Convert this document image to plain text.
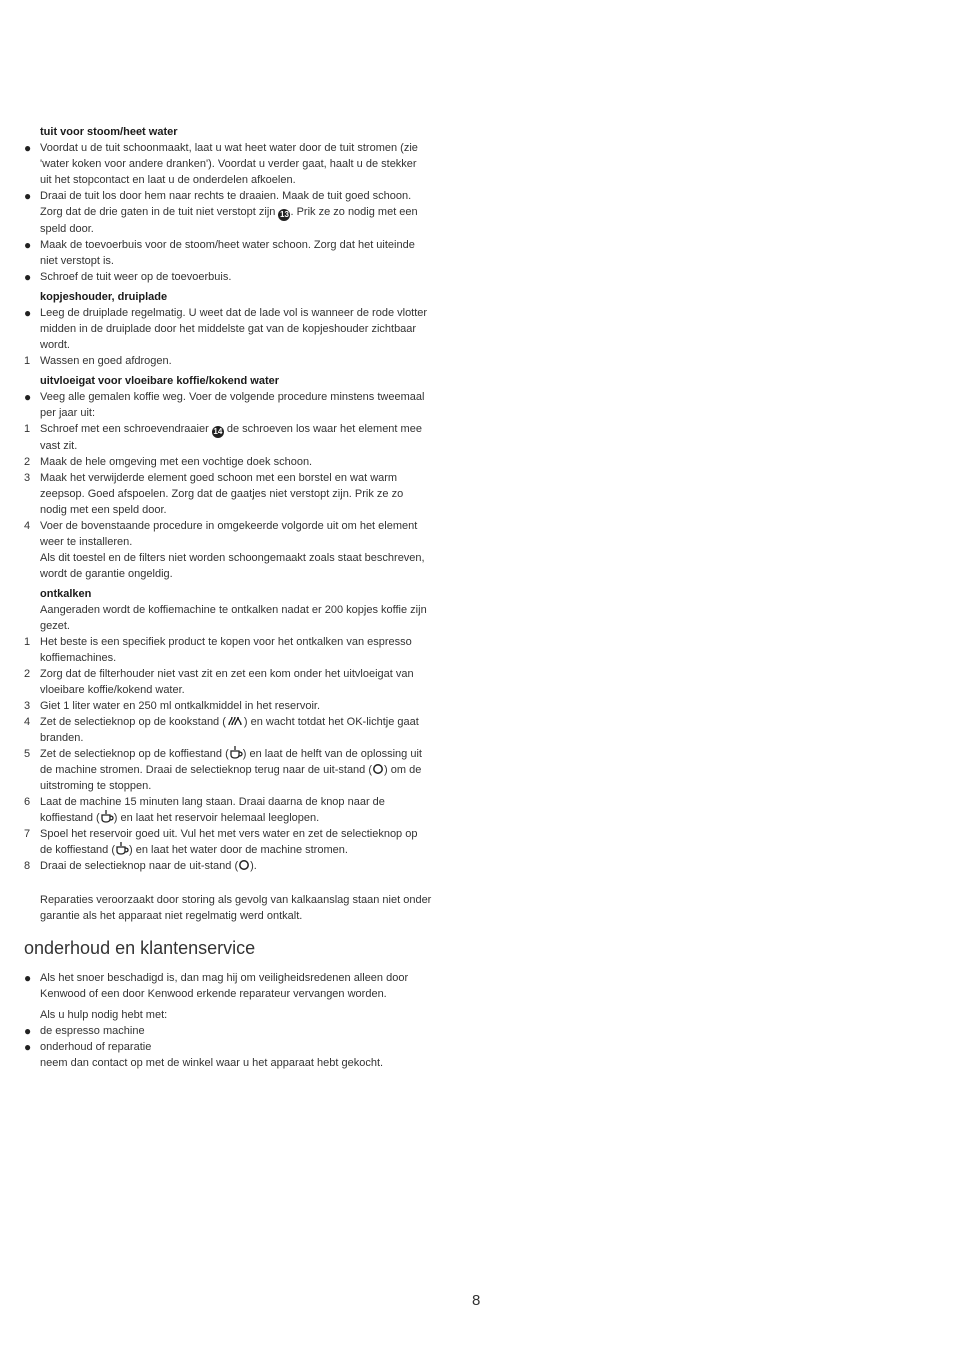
tuit voor stoom/heet water

● Voordat u de tuit schoonmaakt, laat u wat heet water door de tuit stromen (zie
'water koken voor andere dranken'). Voordat u verder gaat, haalt u de stekker
uit het stopcontact en laat u de onderdelen afkoelen.
● Draai de tuit los door hem naar rechts te draaien. Maak de tuit goed schoon.
Zorg dat de drie gaten in de tuit niet verstopt zijn 13 . Prik ze zo nodig met een
speld door.
● Maak de toevoerbuis voor de stoom/heet water schoon. Zorg dat het uiteinde
niet verstopt is.
● Schroef de tuit weer op de toevoerbuis.

kopjeshouder, druiplade

● Leeg de druiplade regelmatig. U weet dat de lade vol is wanneer de rode vlotter
midden in de druiplade door het middelste gat van de kopjeshouder zichtbaar
wordt.
1 Wassen en goed afdrogen.

uitvloeigat voor vloeibare koffie/kokend water

● Veeg alle gemalen koffie weg. Voer de volgende procedure minstens tweemaal
per jaar uit:
1 Schroef met een schroevendraaier 14 de schroeven los waar het element mee
vast zit.
2 Maak de hele omgeving met een vochtige doek schoon.
3 Maak het verwijderde element goed schoon met een borstel en wat warm
zeepsop. Goed afspoelen. Zorg dat de gaatjes niet verstopt zijn. Prik ze zo
nodig met een speld door.
4 Voer de bovenstaande procedure in omgekeerde volgorde uit om het element
weer te installeren.
Als dit toestel en de filters niet worden schoongemaakt zoals staat beschreven,
wordt de garantie ongeldig.

ontkalken

Aangeraden wordt de koffiemachine te ontkalken nadat er 200 kopjes koffie zijn
gezet.

1 Het beste is een specifiek product te kopen voor het ontkalken van espresso
koffiemachines.
2 Zorg dat de filterhouder niet vast zit en zet een kom onder het uitvloeigat van
vloeibare koffie/kokend water.
3 Giet 1 liter water en 250 ml ontkalkmiddel in het reservoir.
4 Zet de selectieknop op de kookstand ( ) en wacht totdat het OK-lichtje gaat
branden.
5 Zet de selectieknop op de koffiestand ( ) en laat de helft van de oplossing uit
de machine stromen. Draai de selectieknop terug naar de uit-stand ( ) om de
uitstroming te stoppen.
6 Laat de machine 15 minuten lang staan. Draai daarna de knop naar de
koffiestand ( ) en laat het reservoir helemaal leeglopen.
7 Spoel het reservoir goed uit. Vul het met vers water en zet de selectieknop op
de koffiestand ( ) en laat het water door de machine stromen.
8 Draai de selectieknop naar de uit-stand ( ).

Reparaties veroorzaakt door storing als gevolg van kalkaanslag staan niet onder
garantie als het apparaat niet regelmatig werd ontkalt.

onderhoud en klantenservice
● Als het snoer beschadigd is, dan mag hij om veiligheidsredenen alleen door
Kenwood of een door Kenwood erkende reparateur vervangen worden.

Als u hulp nodig hebt met:

● de espresso machine
● onderhoud of reparatie

neem dan contact op met de winkel waar u het apparaat hebt gekocht.

8
